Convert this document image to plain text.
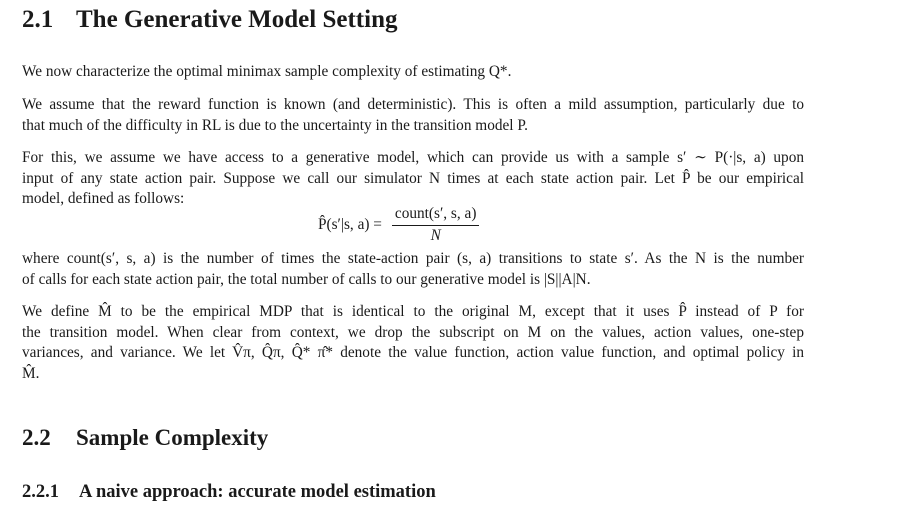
2.1 The Generative Model Setting

We now characterize the optimal minimax sample complexity of estimating Q*.

We assume that the reward function is known (and deterministic). This is often a mild assumption, particularly due to
that much of the difficulty in RL is due to the uncertainty in the transition model P.

For this, we assume we have access to a generative model, which can provide us with a sample s′ ∼ P(·|s, a) upon
input of any state action pair. Suppose we call our simulator N times at each state action pair. Let P̂ be our empirical
model, defined as follows:

P̂(s′|s, $a) = \frac{\text{count(s′, s, a)}}{N}$

where count(s′, s, a) is the number of times the state-action pair (s, a) transitions to state s′. As the N is the number
of calls for each state action pair, the total number of calls to our generative model is |S||A|N.

We define M̂ to be the empirical MDP that is identical to the original M, except that it uses P̂ instead of P for
the transition model. When clear from context, we drop the subscript on M on the values, action values, one-step
variances, and variance. We let V̂π, Q̂π, Q̂* π̂* denote the value function, action value function, and optimal policy in
M̂.

2.2 Sample Complexity
2.2.1 A naive approach: accurate model estimation
